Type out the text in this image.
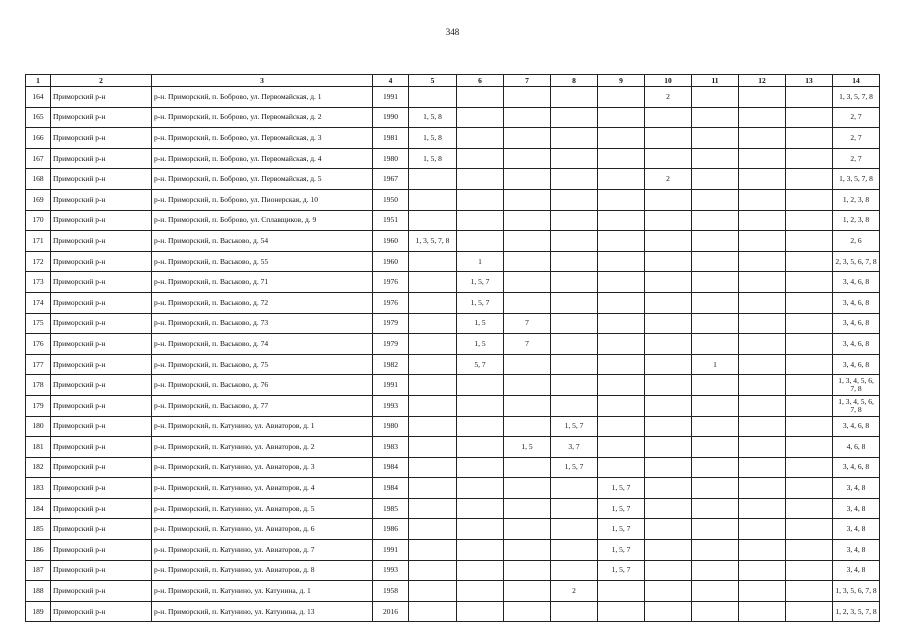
348
1	2	3	4	5	6	7	8	9	10	11	12	13	14
164	Приморский р-н	р-н. Приморский, п. Боброво, ул. Первомайская, д. 1	1991						2				1, 3, 5, 7, 8
165	Приморский р-н	р-н. Приморский, п. Боброво, ул. Первомайская, д. 2	1990	1, 5, 8									2, 7
166	Приморский р-н	р-н. Приморский, п. Боброво, ул. Первомайская, д. 3	1981	1, 5, 8									2, 7
167	Приморский р-н	р-н. Приморский, п. Боброво, ул. Первомайская, д. 4	1980	1, 5, 8									2, 7
168	Приморский р-н	р-н. Приморский, п. Боброво, ул. Первомайская, д. 5	1967						2				1, 3, 5, 7, 8
169	Приморский р-н	р-н. Приморский, п. Боброво, ул. Пионерская, д. 10	1950										1, 2, 3, 8
170	Приморский р-н	р-н. Приморский, п. Боброво, ул. Сплавщиков, д. 9	1951										1, 2, 3, 8
171	Приморский р-н	р-н. Приморский, п. Васьково, д. 54	1960	1, 3, 5, 7, 8									2, 6
172	Приморский р-н	р-н. Приморский, п. Васьково, д. 55	1960		1								2, 3, 5, 6, 7, 8
173	Приморский р-н	р-н. Приморский, п. Васьково, д. 71	1976		1, 5, 7								3, 4, 6, 8
174	Приморский р-н	р-н. Приморский, п. Васьково, д. 72	1976		1, 5, 7								3, 4, 6, 8
175	Приморский р-н	р-н. Приморский, п. Васьково, д. 73	1979		1, 5	7							3, 4, 6, 8
176	Приморский р-н	р-н. Приморский, п. Васьково, д. 74	1979		1, 5	7							3, 4, 6, 8
177	Приморский р-н	р-н. Приморский, п. Васьково, д. 75	1982		5, 7					1			3, 4, 6, 8
178	Приморский р-н	р-н. Приморский, п. Васьково, д. 76	1991										1, 3, 4, 5, 6, 7, 8
179	Приморский р-н	р-н. Приморский, п. Васьково, д. 77	1993										1, 3, 4, 5, 6, 7, 8
180	Приморский р-н	р-н. Приморский, п. Катунино, ул. Авиаторов, д. 1	1980				1, 5, 7						3, 4, 6, 8
181	Приморский р-н	р-н. Приморский, п. Катунино, ул. Авиаторов, д. 2	1983			1, 5	3, 7						4, 6, 8
182	Приморский р-н	р-н. Приморский, п. Катунино, ул. Авиаторов, д. 3	1984				1, 5, 7						3, 4, 6, 8
183	Приморский р-н	р-н. Приморский, п. Катунино, ул. Авиаторов, д. 4	1984					1, 5, 7					3, 4, 8
184	Приморский р-н	р-н. Приморский, п. Катунино, ул. Авиаторов, д. 5	1985					1, 5, 7					3, 4, 8
185	Приморский р-н	р-н. Приморский, п. Катунино, ул. Авиаторов, д. 6	1986					1, 5, 7					3, 4, 8
186	Приморский р-н	р-н. Приморский, п. Катунино, ул. Авиаторов, д. 7	1991					1, 5, 7					3, 4, 8
187	Приморский р-н	р-н. Приморский, п. Катунино, ул. Авиаторов, д. 8	1993					1, 5, 7					3, 4, 8
188	Приморский р-н	р-н. Приморский, п. Катунино, ул. Катунина, д. 1	1958				2						1, 3, 5, 6, 7, 8
189	Приморский р-н	р-н. Приморский, п. Катунино, ул. Катунина, д. 13	2016										1, 2, 3, 5, 7, 8
